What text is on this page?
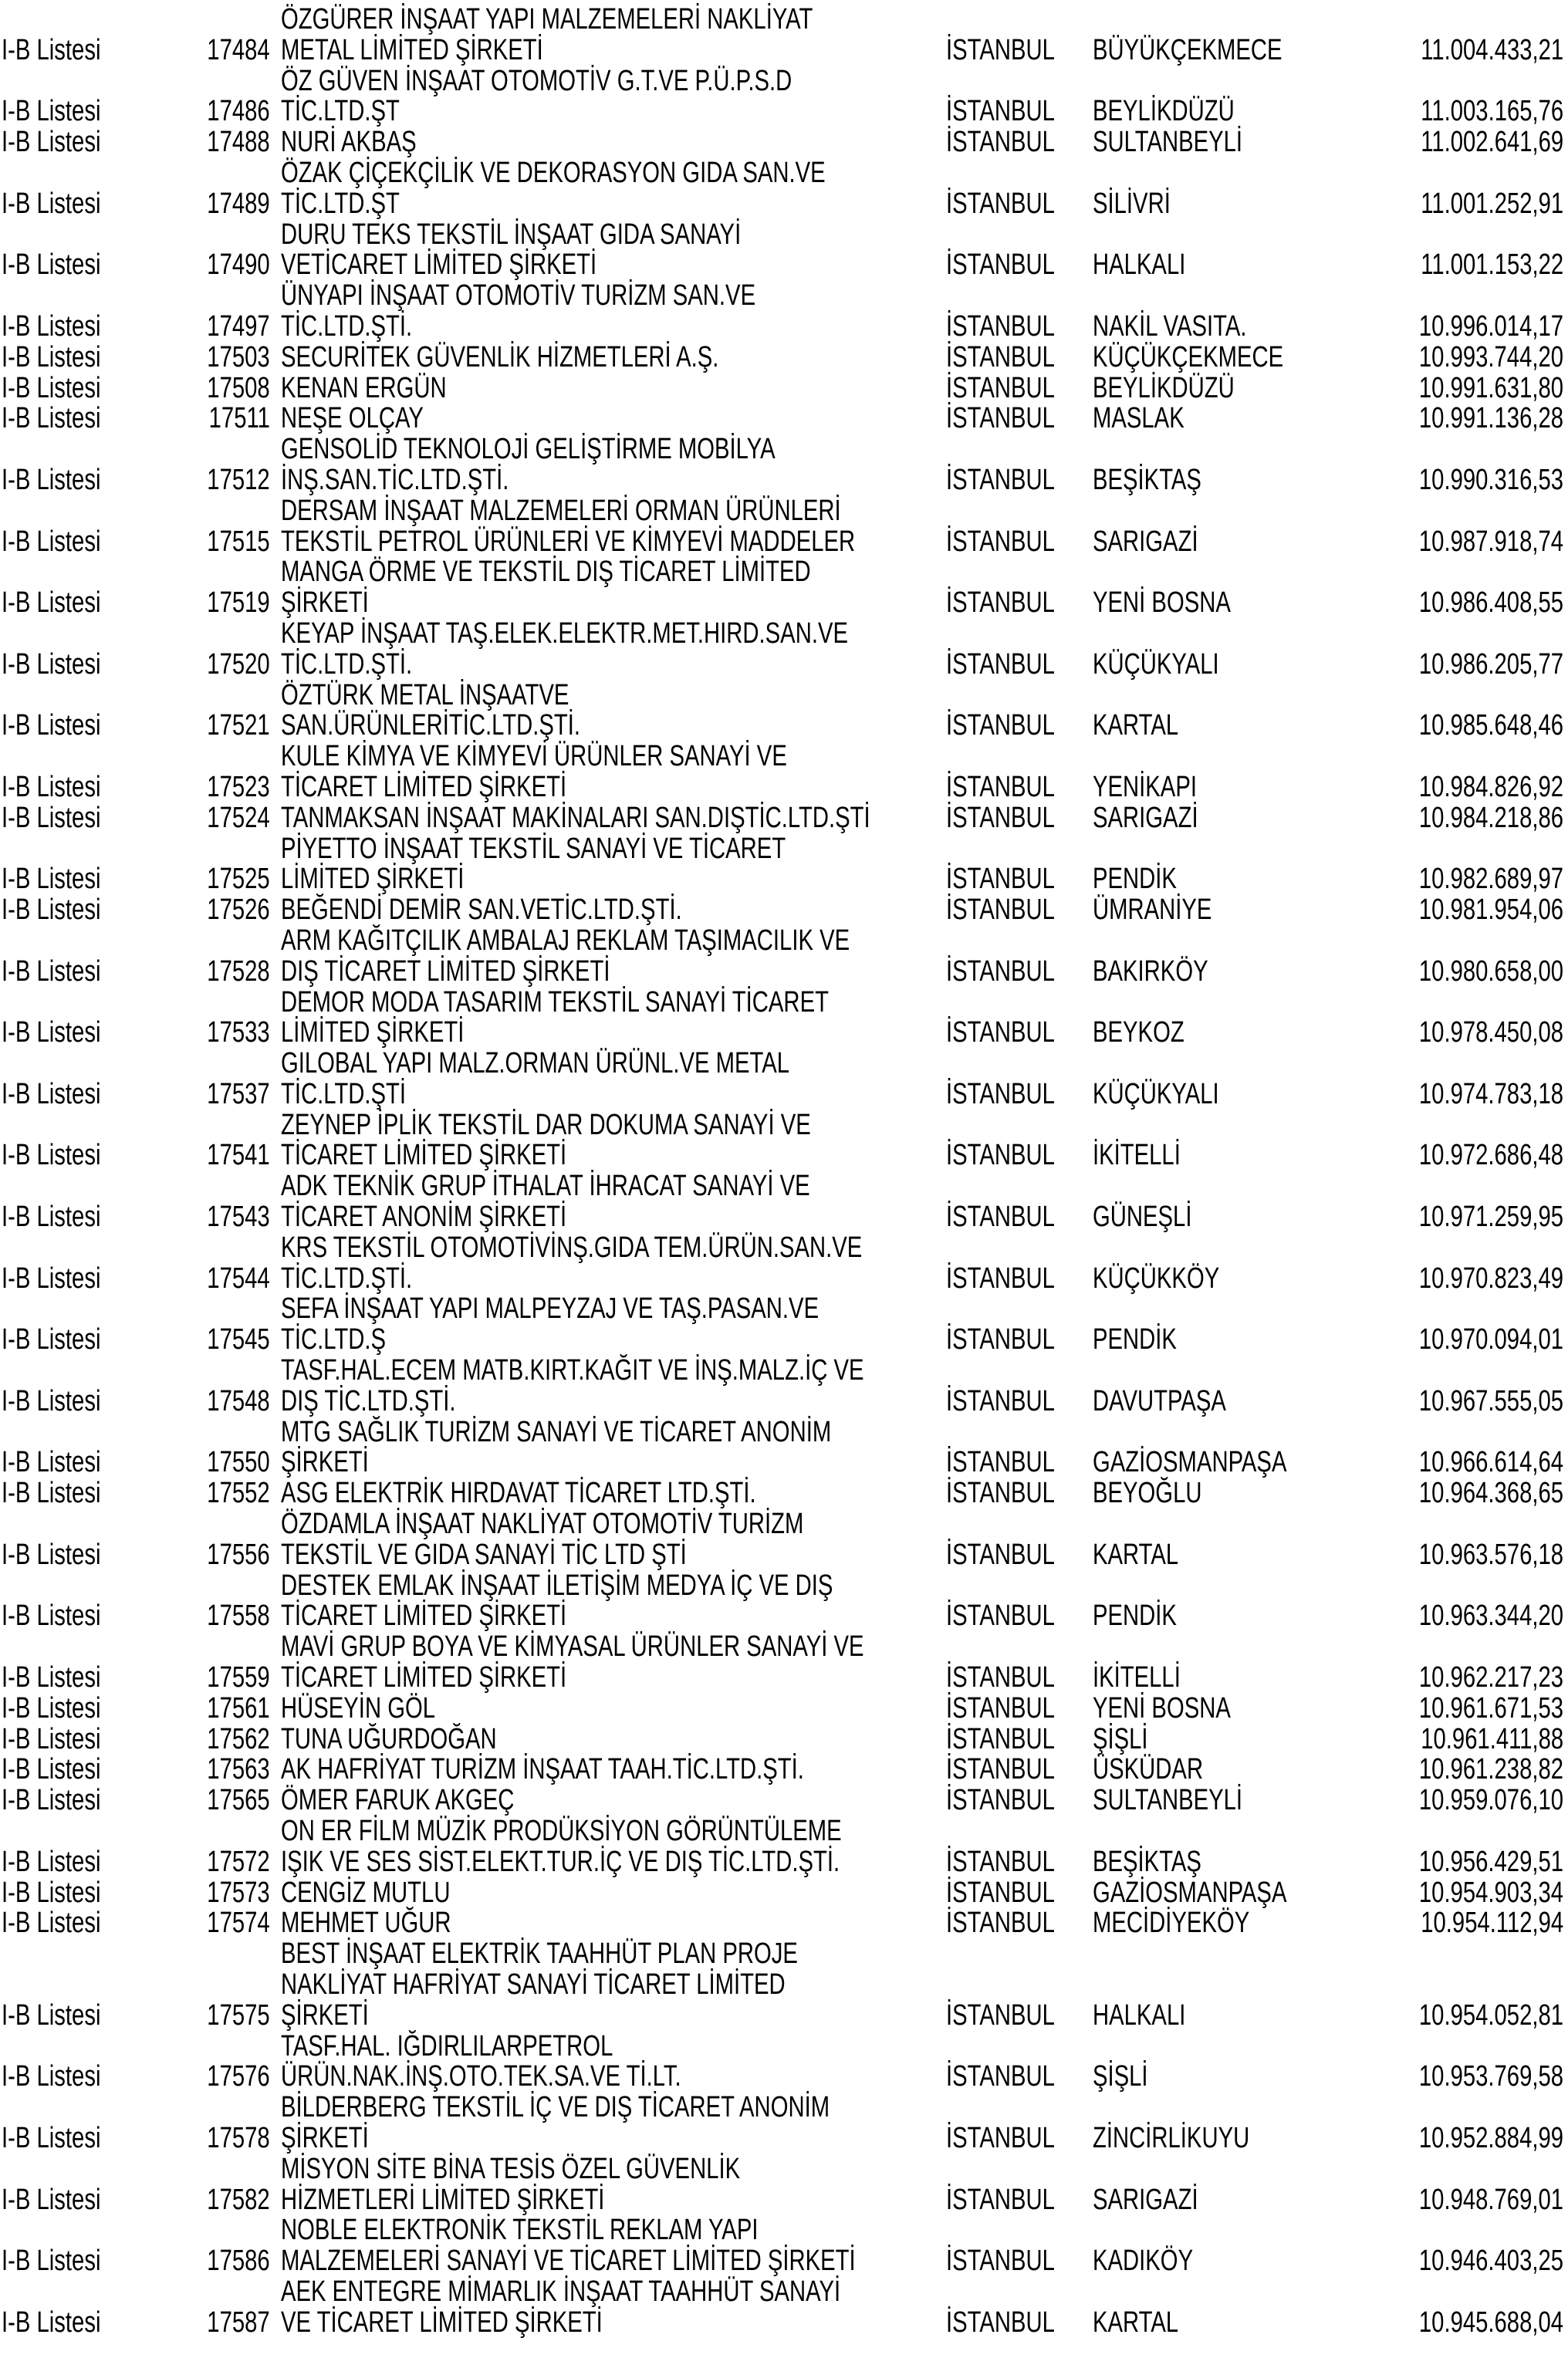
ÖZGÜRER İNŞAAT YAPI MALZEMELERİ NAKLİYAT
I-B Listesi	17484 METAL LİMİTED ŞİRKETİ	İSTANBUL	BÜYÜKÇEKMECE	11.004.433,21
ÖZ GÜVEN İNŞAAT OTOMOTİV G.T.VE P.Ü.P.S.D
I-B Listesi	17486 TİC.LTD.ŞT	İSTANBUL	BEYLİKDÜZÜ	11.003.165,76
I-B Listesi	17488 NURİ AKBAŞ	İSTANBUL	SULTANBEYLİ	11.002.641,69
ÖZAK ÇİÇEKÇİLİK VE DEKORASYON GIDA SAN.VE
I-B Listesi	17489 TİC.LTD.ŞT	İSTANBUL	SİLİVRİ	11.001.252,91
DURU TEKS TEKSTİL İNŞAAT GIDA SANAYİ
I-B Listesi	17490 VETİCARET LİMİTED ŞİRKETİ	İSTANBUL	HALKALI	11.001.153,22
ÜNYAPI İNŞAAT OTOMOTİV TURİZM SAN.VE
I-B Listesi	17497 TİC.LTD.ŞTİ.	İSTANBUL	NAKİL VASITA.	10.996.014,17
I-B Listesi	17503 SECURİTEK GÜVENLİK HİZMETLERİ A.Ş.	İSTANBUL	KÜÇÜKÇEKMECE	10.993.744,20
I-B Listesi	17508 KENAN ERGÜN	İSTANBUL	BEYLİKDÜZÜ	10.991.631,80
I-B Listesi	17511 NEŞE OLÇAY	İSTANBUL	MASLAK	10.991.136,28
GENSOLİD TEKNOLOJİ GELİŞTİRME MOBİLYA
I-B Listesi	17512 İNŞ.SAN.TİC.LTD.ŞTİ.	İSTANBUL	BEŞİKTAŞ	10.990.316,53
DERSAM İNŞAAT MALZEMELERİ ORMAN ÜRÜNLERİ
I-B Listesi	17515 TEKSTİL PETROL ÜRÜNLERİ VE KİMYEVİ MADDELER	İSTANBUL	SARIGAZİ	10.987.918,74
MANGA ÖRME VE TEKSTİL DIŞ TİCARET LİMİTED
I-B Listesi	17519 ŞİRKETİ	İSTANBUL	YENİ BOSNA	10.986.408,55
KEYAP İNŞAAT TAŞ.ELEK.ELEKTR.MET.HIRD.SAN.VE
I-B Listesi	17520 TİC.LTD.ŞTİ.	İSTANBUL	KÜÇÜKYALI	10.986.205,77
ÖZTÜRK METAL İNŞAATVE
I-B Listesi	17521 SAN.ÜRÜNLERİTİC.LTD.ŞTİ.	İSTANBUL	KARTAL	10.985.648,46
KULE KİMYA VE KİMYEVİ ÜRÜNLER SANAYİ VE
I-B Listesi	17523 TİCARET LİMİTED ŞİRKETİ	İSTANBUL	YENİKAPI	10.984.826,92
I-B Listesi	17524 TANMAKSAN İNŞAAT MAKİNALARI SAN.DIŞTİC.LTD.ŞTİ	İSTANBUL	SARIGAZİ	10.984.218,86
PİYETTO İNŞAAT TEKSTİL SANAYİ VE TİCARET
I-B Listesi	17525 LİMİTED ŞİRKETİ	İSTANBUL	PENDİK	10.982.689,97
I-B Listesi	17526 BEĞENDİ DEMİR SAN.VETİC.LTD.ŞTİ.	İSTANBUL	ÜMRANİYE	10.981.954,06
ARM KAĞITÇILIK AMBALAJ REKLAM TAŞIMACILIK VE
I-B Listesi	17528 DIŞ TİCARET LİMİTED ŞİRKETİ	İSTANBUL	BAKIRKÖY	10.980.658,00
DEMOR MODA TASARIM TEKSTİL SANAYİ TİCARET
I-B Listesi	17533 LİMİTED ŞİRKETİ	İSTANBUL	BEYKOZ	10.978.450,08
GILOBAL YAPI MALZ.ORMAN ÜRÜNL.VE METAL
I-B Listesi	17537 TİC.LTD.ŞTİ	İSTANBUL	KÜÇÜKYALI	10.974.783,18
ZEYNEP İPLİK TEKSTİL DAR DOKUMA SANAYİ VE
I-B Listesi	17541 TİCARET LİMİTED ŞİRKETİ	İSTANBUL	İKİTELLİ	10.972.686,48
ADK TEKNİK GRUP İTHALAT İHRACAT SANAYİ VE
I-B Listesi	17543 TİCARET ANONİM ŞİRKETİ	İSTANBUL	GÜNEŞLİ	10.971.259,95
KRS TEKSTİL OTOMOTİVİNŞ.GIDA TEM.ÜRÜN.SAN.VE
I-B Listesi	17544 TİC.LTD.ŞTİ.	İSTANBUL	KÜÇÜKKÖY	10.970.823,49
SEFA İNŞAAT YAPI MALPEYZAJ VE TAŞ.PASAN.VE
I-B Listesi	17545 TİC.LTD.Ş	İSTANBUL	PENDİK	10.970.094,01
TASF.HAL.ECEM MATB.KIRT.KAĞIT VE İNŞ.MALZ.İÇ VE
I-B Listesi	17548 DIŞ TİC.LTD.ŞTİ.	İSTANBUL	DAVUTPAŞA	10.967.555,05
MTG SAĞLIK TURİZM SANAYİ VE TİCARET ANONİM
I-B Listesi	17550 ŞİRKETİ	İSTANBUL	GAZİOSMANPAŞA	10.966.614,64
I-B Listesi	17552 ASG ELEKTRİK HIRDAVAT TİCARET LTD.ŞTİ.	İSTANBUL	BEYOĞLU	10.964.368,65
ÖZDAMLA İNŞAAT NAKLİYAT OTOMOTİV TURİZM
I-B Listesi	17556 TEKSTİL VE GIDA SANAYİ TİC LTD ŞTİ	İSTANBUL	KARTAL	10.963.576,18
DESTEK EMLAK İNŞAAT İLETİŞİM MEDYA İÇ VE DIŞ
I-B Listesi	17558 TİCARET LİMİTED ŞİRKETİ	İSTANBUL	PENDİK	10.963.344,20
MAVİ GRUP BOYA VE KİMYASAL ÜRÜNLER SANAYİ VE
I-B Listesi	17559 TİCARET LİMİTED ŞİRKETİ	İSTANBUL	İKİTELLİ	10.962.217,23
I-B Listesi	17561 HÜSEYİN GÖL	İSTANBUL	YENİ BOSNA	10.961.671,53
I-B Listesi	17562 TUNA UĞURDOĞAN	İSTANBUL	ŞİŞLİ	10.961.411,88
I-B Listesi	17563 AK HAFRİYAT TURİZM İNŞAAT TAAH.TİC.LTD.ŞTİ.	İSTANBUL	ÜSKÜDAR	10.961.238,82
I-B Listesi	17565 ÖMER FARUK AKGEÇ	İSTANBUL	SULTANBEYLİ	10.959.076,10
ON ER FİLM MÜZİK PRODÜKSİYON GÖRÜNTÜLEME
I-B Listesi	17572 IŞIK VE SES SİST.ELEKT.TUR.İÇ VE DIŞ TİC.LTD.ŞTİ.	İSTANBUL	BEŞİKTAŞ	10.956.429,51
I-B Listesi	17573 CENGİZ MUTLU	İSTANBUL	GAZİOSMANPAŞA	10.954.903,34
I-B Listesi	17574 MEHMET UĞUR	İSTANBUL	MECİDİYEKÖY	10.954.112,94
BEST İNŞAAT ELEKTRİK TAAHHÜT PLAN PROJE
NAKLİYAT HAFRİYAT SANAYİ TİCARET LİMİTED
I-B Listesi	17575 ŞİRKETİ	İSTANBUL	HALKALI	10.954.052,81
TASF.HAL. IĞDIRLILARPETROL
I-B Listesi	17576 ÜRÜN.NAK.İNŞ.OTO.TEK.SA.VE Tİ.LT.	İSTANBUL	ŞİŞLİ	10.953.769,58
BİLDERBERG TEKSTİL İÇ VE DIŞ TİCARET ANONİM
I-B Listesi	17578 ŞİRKETİ	İSTANBUL	ZİNCİRLİKUYU	10.952.884,99
MİSYON SİTE BİNA TESİS ÖZEL GÜVENLİK
I-B Listesi	17582 HİZMETLERİ LİMİTED ŞİRKETİ	İSTANBUL	SARIGAZİ	10.948.769,01
NOBLE ELEKTRONİK TEKSTİL REKLAM YAPI
I-B Listesi	17586 MALZEMELERİ SANAYİ VE TİCARET LİMİTED ŞİRKETİ	İSTANBUL	KADIKÖY	10.946.403,25
AEK ENTEGRE MİMARLIK İNŞAAT TAAHHÜT SANAYİ
I-B Listesi	17587 VE TİCARET LİMİTED ŞİRKETİ	İSTANBUL	KARTAL	10.945.688,04
